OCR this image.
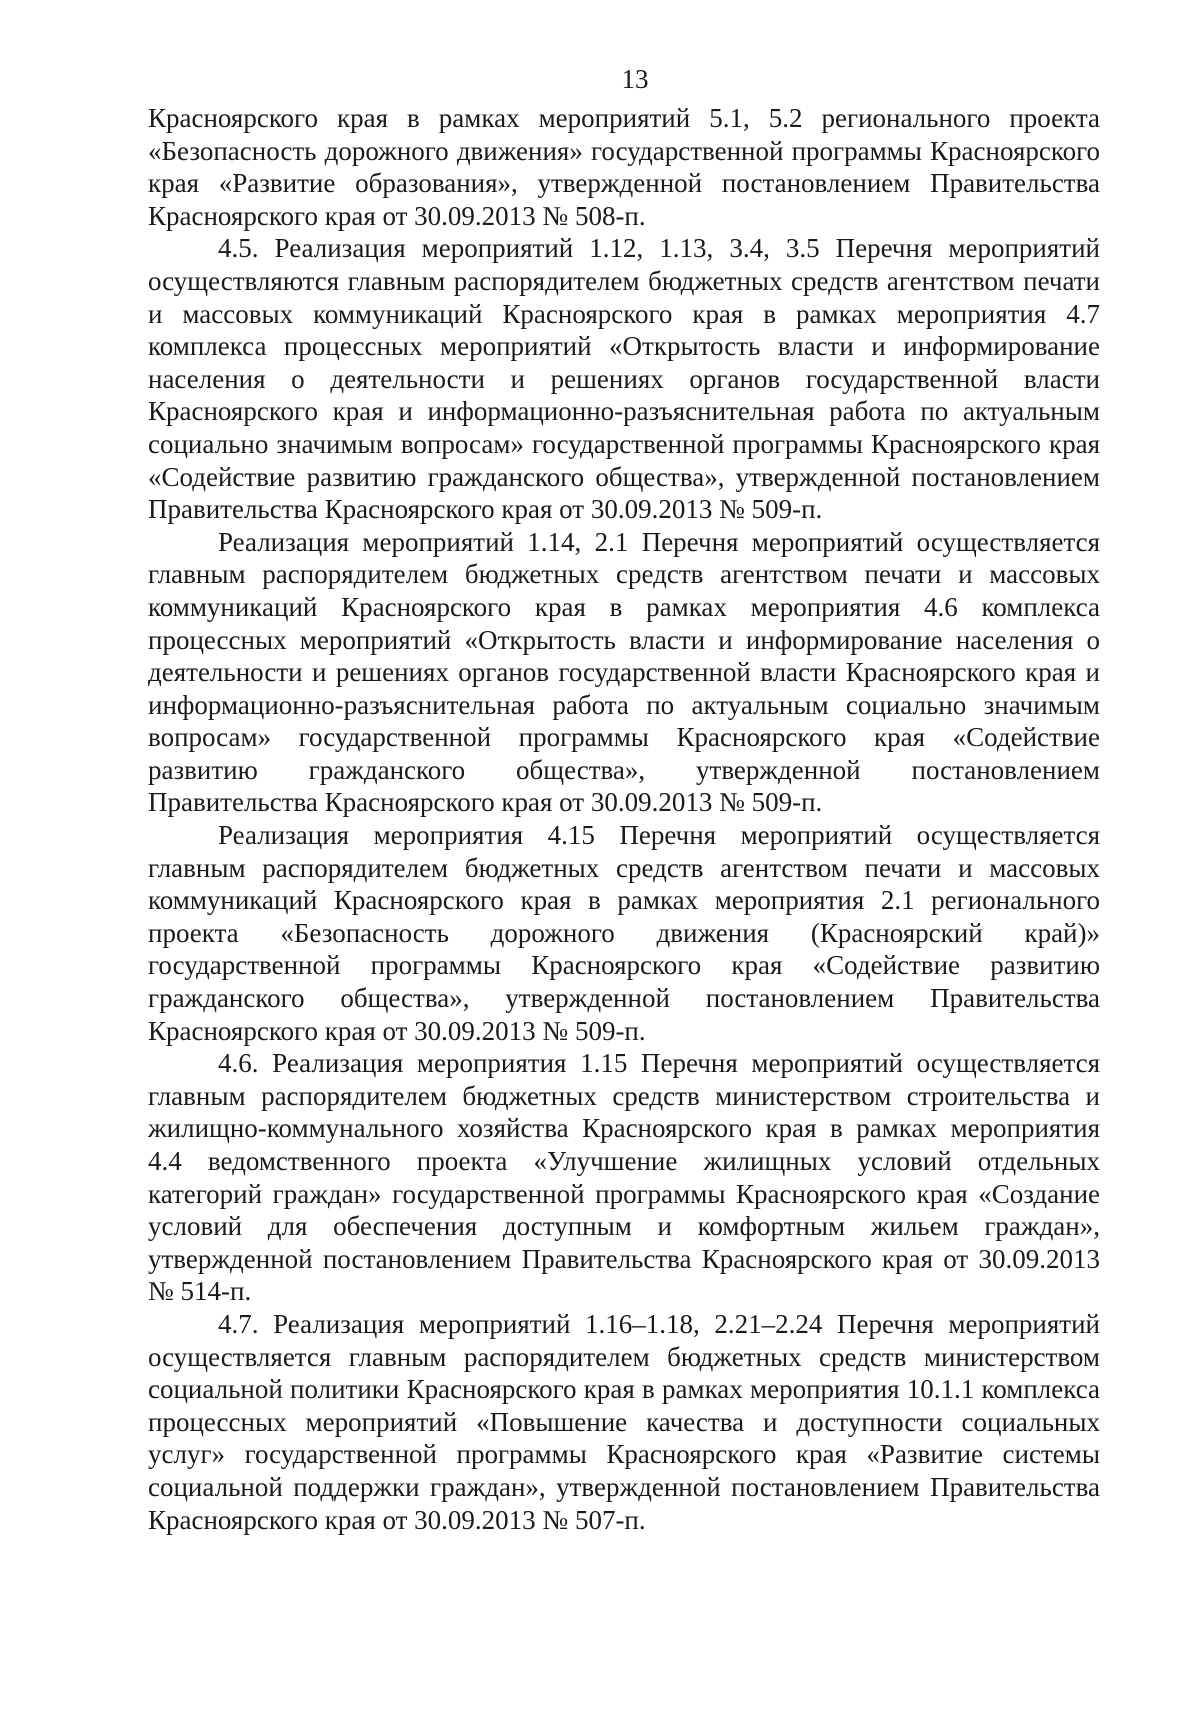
13

Красноярского края в рамках мероприятий 5.1, 5.2 регионального проекта «Безопасность дорожного движения» государственной программы Красноярского края «Развитие образования», утвержденной постановлением Правительства Красноярского края от 30.09.2013 № 508-п.

4.5. Реализация мероприятий 1.12, 1.13, 3.4, 3.5 Перечня мероприятий осуществляются главным распорядителем бюджетных средств агентством печати и массовых коммуникаций Красноярского края в рамках мероприятия 4.7 комплекса процессных мероприятий «Открытость власти и информирование населения о деятельности и решениях органов государственной власти Красноярского края и информационно-разъяснительная работа по актуальным социально значимым вопросам» государственной программы Красноярского края «Содействие развитию гражданского общества», утвержденной постановлением Правительства Красноярского края от 30.09.2013 № 509-п.

Реализация мероприятий 1.14, 2.1 Перечня мероприятий осуществляется главным распорядителем бюджетных средств агентством печати и массовых коммуникаций Красноярского края в рамках мероприятия 4.6 комплекса процессных мероприятий «Открытость власти и информирование населения о деятельности и решениях органов государственной власти Красноярского края и информационно-разъяснительная работа по актуальным социально значимым вопросам» государственной программы Красноярского края «Содействие развитию гражданского общества», утвержденной постановлением Правительства Красноярского края от 30.09.2013 № 509-п.

Реализация мероприятия 4.15 Перечня мероприятий осуществляется главным распорядителем бюджетных средств агентством печати и массовых коммуникаций Красноярского края в рамках мероприятия 2.1 регионального проекта «Безопасность дорожного движения (Красноярский край)» государственной программы Красноярского края «Содействие развитию гражданского общества», утвержденной постановлением Правительства Красноярского края от 30.09.2013 № 509-п.

4.6. Реализация мероприятия 1.15 Перечня мероприятий осуществляется главным распорядителем бюджетных средств министерством строительства и жилищно-коммунального хозяйства Красноярского края в рамках мероприятия 4.4 ведомственного проекта «Улучшение жилищных условий отдельных категорий граждан» государственной программы Красноярского края «Создание условий для обеспечения доступным и комфортным жильем граждан», утвержденной постановлением Правительства Красноярского края от 30.09.2013 № 514-п.

4.7. Реализация мероприятий 1.16–1.18, 2.21–2.24 Перечня мероприятий осуществляется главным распорядителем бюджетных средств министерством социальной политики Красноярского края в рамках мероприятия 10.1.1 комплекса процессных мероприятий «Повышение качества и доступности социальных услуг» государственной программы Красноярского края «Развитие системы социальной поддержки граждан», утвержденной постановлением Правительства Красноярского края от 30.09.2013 № 507-п.
